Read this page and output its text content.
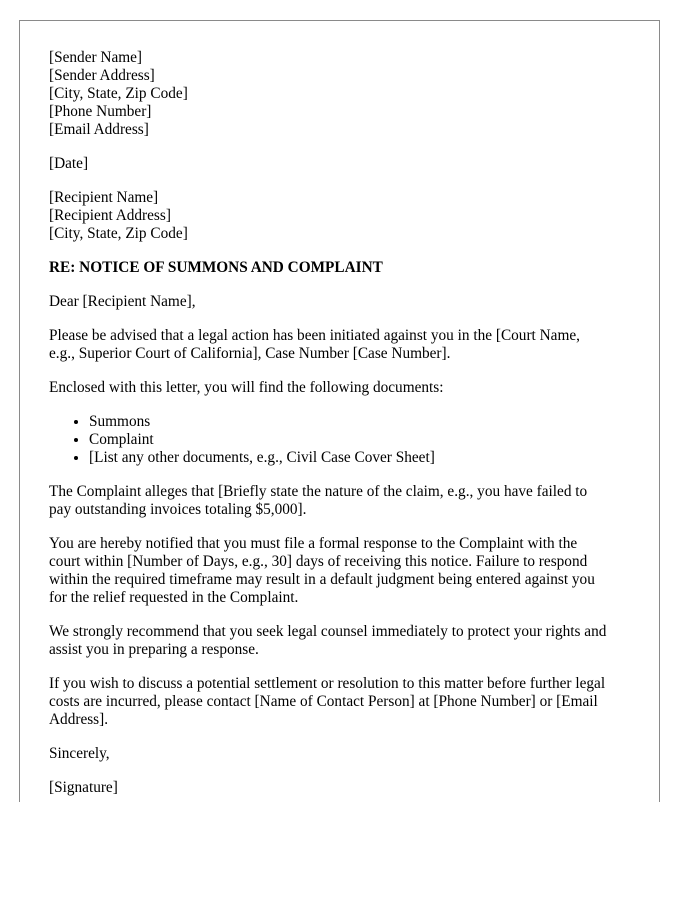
[Sender Name]
[Sender Address]
[City, State, Zip Code]
[Phone Number]
[Email Address]
[Date]
[Recipient Name]
[Recipient Address]
[City, State, Zip Code]
RE: NOTICE OF SUMMONS AND COMPLAINT

Dear [Recipient Name],

Please be advised that a legal action has been initiated against you in the [Court Name,
e.g., Superior Court of California], Case Number [Case Number].

Enclosed with this letter, you will find the following documents:

• Summons
• Complaint
• [List any other documents, e.g., Civil Case Cover Sheet]

The Complaint alleges that [Briefly state the nature of the claim, e.g., you have failed to
pay outstanding invoices totaling $5,000].

You are hereby notified that you must file a formal response to the Complaint with the
court within [Number of Days, e.g., 30] days of receiving this notice. Failure to respond
within the required timeframe may result in a default judgment being entered against you
for the relief requested in the Complaint.

We strongly recommend that you seek legal counsel immediately to protect your rights and
assist you in preparing a response.

If you wish to discuss a potential settlement or resolution to this matter before further legal
costs are incurred, please contact [Name of Contact Person] at [Phone Number] or [Email
Address].

Sincerely,

[Signature]
